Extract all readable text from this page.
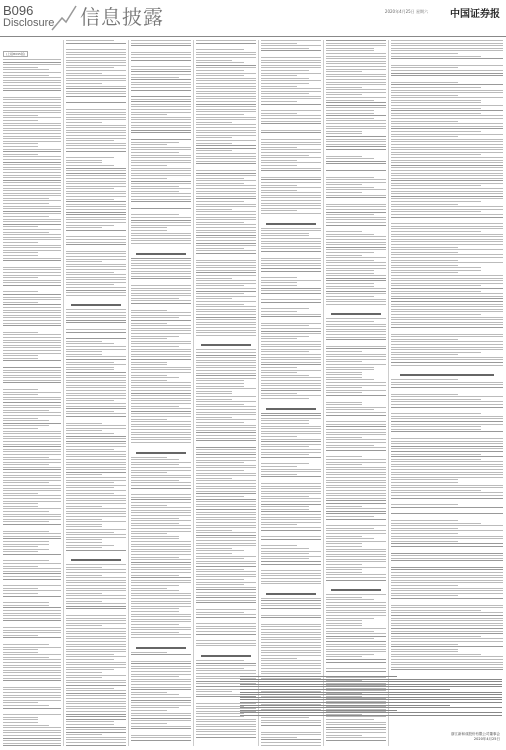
B096
Disclosure 信息披露	2020年4月25日 星期六 中国证券报
(上接B095版)
浙江新和成股份有限公司董事会
2020年4月25日
